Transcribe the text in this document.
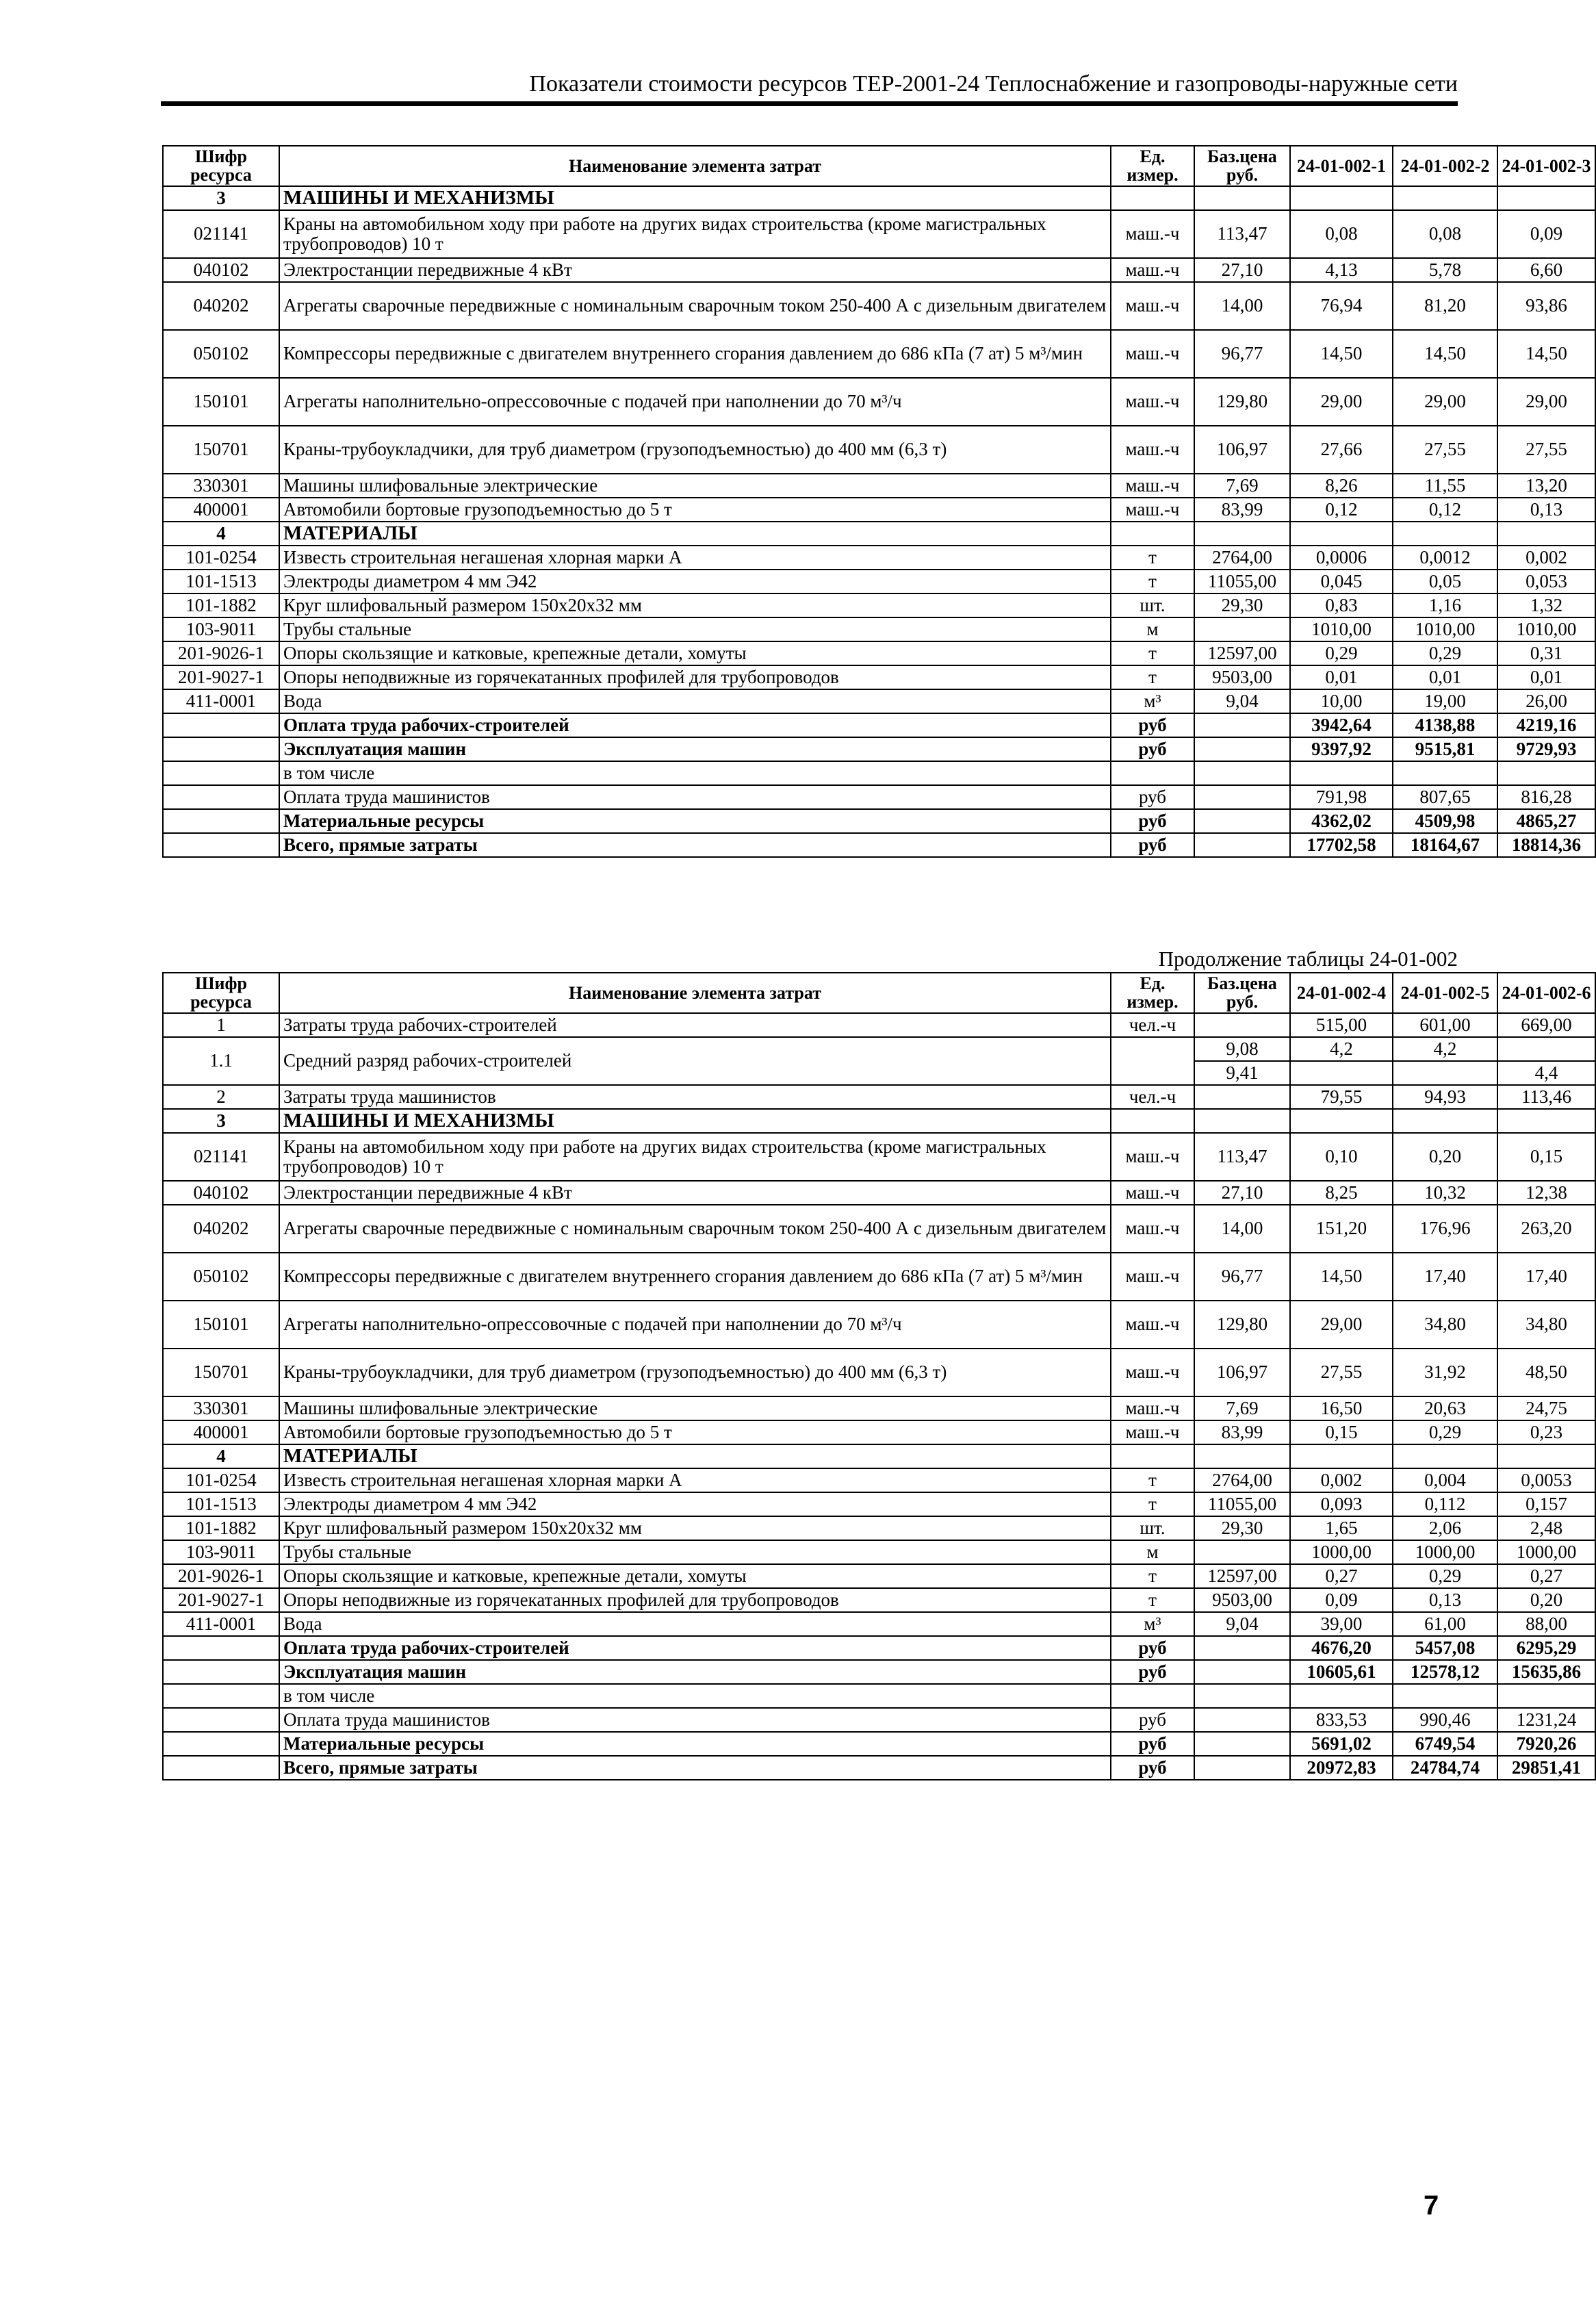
Показатели стоимости ресурсов ТЕР-2001-24 Теплоснабжение и газопроводы-наружные сети
Шифр ресурса	Наименование элемента затрат	Ед. измер.	Баз.цена руб.	24-01-002-1	24-01-002-2	24-01-002-3
3	МАШИНЫ И МЕХАНИЗМЫ					
021141	Краны на автомобильном ходу при работе на других видах строительства (кроме магистральных трубопроводов) 10 т	маш.-ч	113,47	0,08	0,08	0,09
040102	Электростанции передвижные 4 кВт	маш.-ч	27,10	4,13	5,78	6,60
040202	Агрегаты сварочные передвижные с номинальным сварочным током 250-400 А с дизельным двигателем	маш.-ч	14,00	76,94	81,20	93,86
050102	Компрессоры передвижные с двигателем внутреннего сгорания давлением до 686 кПа (7 ат) 5 м³/мин	маш.-ч	96,77	14,50	14,50	14,50
150101	Агрегаты наполнительно-опрессовочные с подачей при наполнении до 70 м³/ч	маш.-ч	129,80	29,00	29,00	29,00
150701	Краны-трубоукладчики, для труб диаметром (грузоподъемностью) до 400 мм (6,3 т)	маш.-ч	106,97	27,66	27,55	27,55
330301	Машины шлифовальные электрические	маш.-ч	7,69	8,26	11,55	13,20
400001	Автомобили бортовые грузоподъемностью до 5 т	маш.-ч	83,99	0,12	0,12	0,13
4	МАТЕРИАЛЫ					
101-0254	Известь строительная негашеная хлорная марки А	т	2764,00	0,0006	0,0012	0,002
101-1513	Электроды диаметром 4 мм Э42	т	11055,00	0,045	0,05	0,053
101-1882	Круг шлифовальный размером 150х20х32 мм	шт.	29,30	0,83	1,16	1,32
103-9011	Трубы стальные	м		1010,00	1010,00	1010,00
201-9026-1	Опоры скользящие и катковые, крепежные детали, хомуты	т	12597,00	0,29	0,29	0,31
201-9027-1	Опоры неподвижные из горячекатанных профилей для трубопроводов	т	9503,00	0,01	0,01	0,01
411-0001	Вода	м³	9,04	10,00	19,00	26,00
	Оплата труда рабочих-строителей	руб		3942,64	4138,88	4219,16
	Эксплуатация машин	руб		9397,92	9515,81	9729,93
	в том числе					
	Оплата труда машинистов	руб		791,98	807,65	816,28
	Материальные ресурсы	руб		4362,02	4509,98	4865,27
	Всего, прямые затраты	руб		17702,58	18164,67	18814,36
Продолжение таблицы 24-01-002
Шифр ресурса	Наименование элемента затрат	Ед. измер.	Баз.цена руб.	24-01-002-4	24-01-002-5	24-01-002-6
1	Затраты труда рабочих-строителей	чел.-ч		515,00	601,00	669,00
1.1	Средний разряд рабочих-строителей		9,08	4,2	4,2	
			9,41			4,4
2	Затраты труда машинистов	чел.-ч		79,55	94,93	113,46
3	МАШИНЫ И МЕХАНИЗМЫ					
021141	Краны на автомобильном ходу при работе на других видах строительства (кроме магистральных трубопроводов) 10 т	маш.-ч	113,47	0,10	0,20	0,15
040102	Электростанции передвижные 4 кВт	маш.-ч	27,10	8,25	10,32	12,38
040202	Агрегаты сварочные передвижные с номинальным сварочным током 250-400 А с дизельным двигателем	маш.-ч	14,00	151,20	176,96	263,20
050102	Компрессоры передвижные с двигателем внутреннего сгорания давлением до 686 кПа (7 ат) 5 м³/мин	маш.-ч	96,77	14,50	17,40	17,40
150101	Агрегаты наполнительно-опрессовочные с подачей при наполнении до 70 м³/ч	маш.-ч	129,80	29,00	34,80	34,80
150701	Краны-трубоукладчики, для труб диаметром (грузоподъемностью) до 400 мм (6,3 т)	маш.-ч	106,97	27,55	31,92	48,50
330301	Машины шлифовальные электрические	маш.-ч	7,69	16,50	20,63	24,75
400001	Автомобили бортовые грузоподъемностью до 5 т	маш.-ч	83,99	0,15	0,29	0,23
4	МАТЕРИАЛЫ					
101-0254	Известь строительная негашеная хлорная марки А	т	2764,00	0,002	0,004	0,0053
101-1513	Электроды диаметром 4 мм Э42	т	11055,00	0,093	0,112	0,157
101-1882	Круг шлифовальный размером 150х20х32 мм	шт.	29,30	1,65	2,06	2,48
103-9011	Трубы стальные	м		1000,00	1000,00	1000,00
201-9026-1	Опоры скользящие и катковые, крепежные детали, хомуты	т	12597,00	0,27	0,29	0,27
201-9027-1	Опоры неподвижные из горячекатанных профилей для трубопроводов	т	9503,00	0,09	0,13	0,20
411-0001	Вода	м³	9,04	39,00	61,00	88,00
	Оплата труда рабочих-строителей	руб		4676,20	5457,08	6295,29
	Эксплуатация машин	руб		10605,61	12578,12	15635,86
	в том числе					
	Оплата труда машинистов	руб		833,53	990,46	1231,24
	Материальные ресурсы	руб		5691,02	6749,54	7920,26
	Всего, прямые затраты	руб		20972,83	24784,74	29851,41
7
